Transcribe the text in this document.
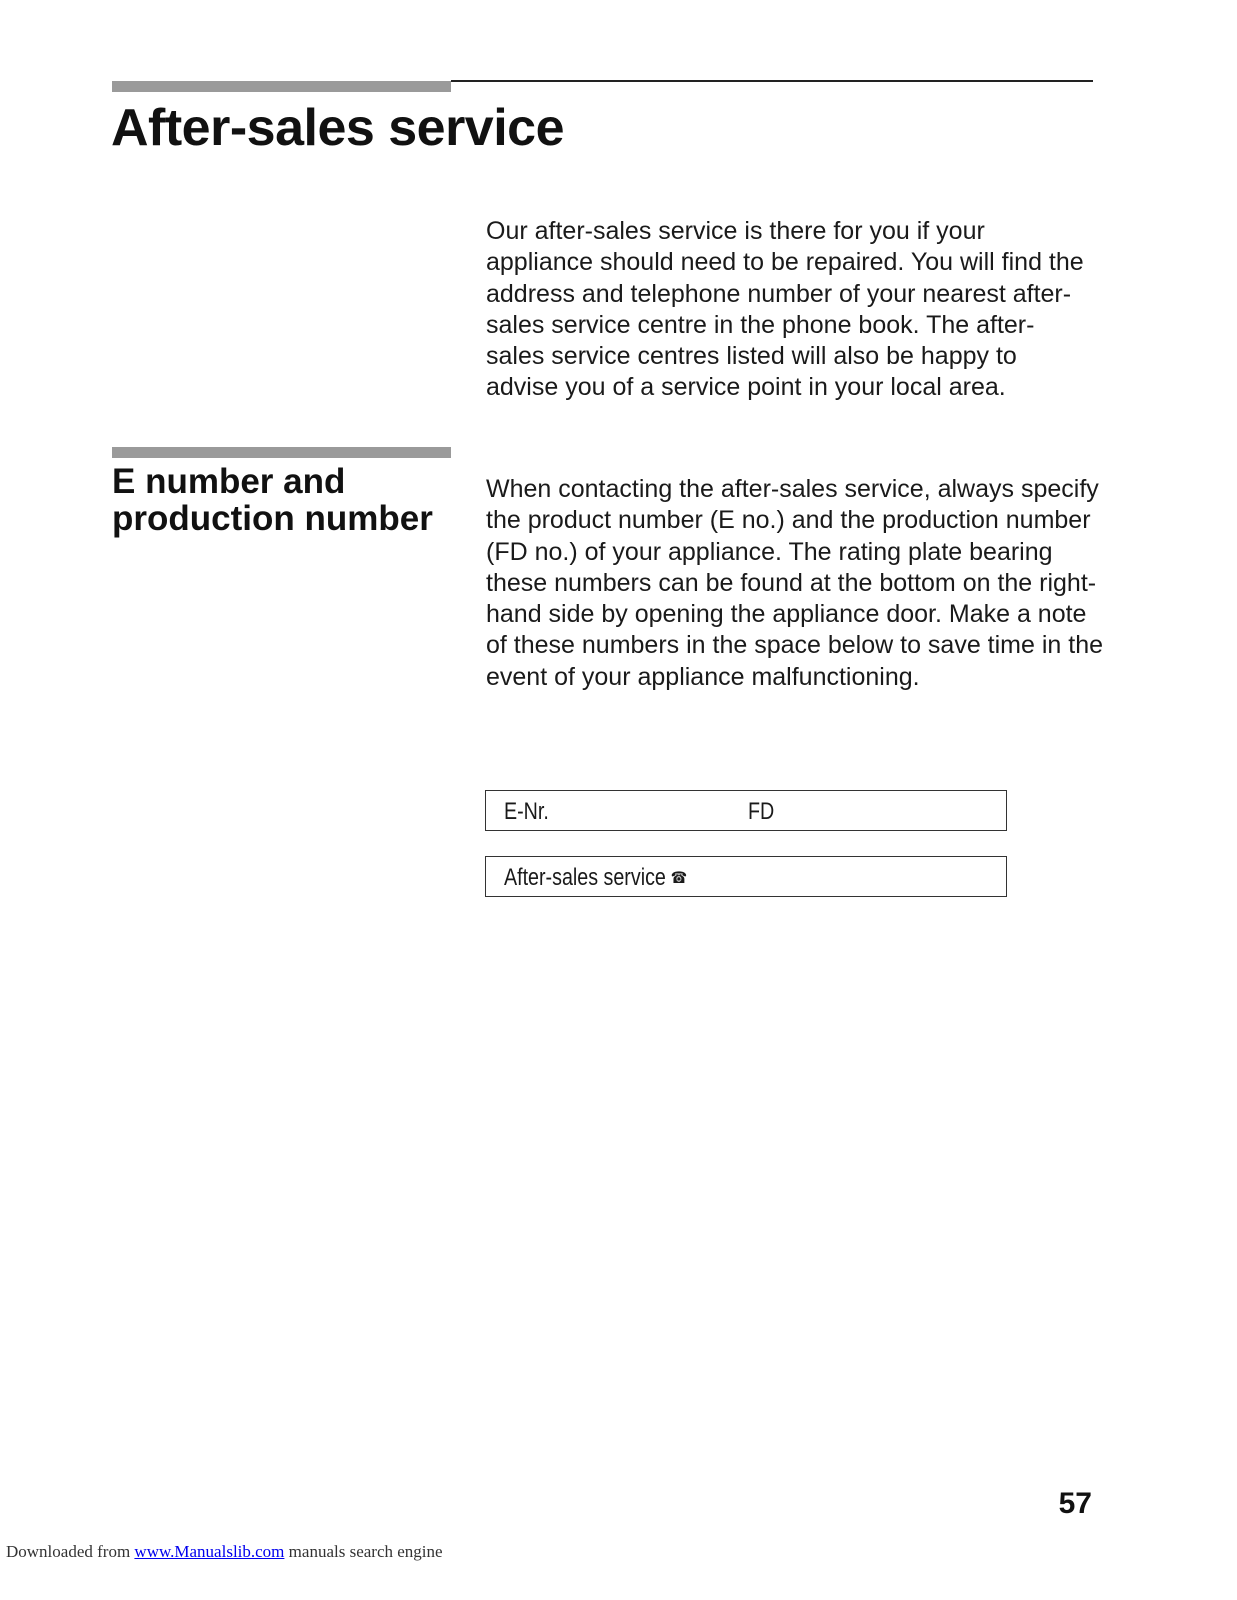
After-sales service

Our after-sales service is there for you if your appliance should need to be repaired. You will find the address and telephone number of your nearest after-sales service centre in the phone book. The after-sales service centres listed will also be happy to advise you of a service point in your local area.

E number and
production number

When contacting the after-sales service, always specify the product number (E no.) and the production number (FD no.) of your appliance. The rating plate bearing these numbers can be found at the bottom on the right-hand side by opening the appliance door. Make a note of these numbers in the space below to save time in the event of your appliance malfunctioning.

E-Nr.	FD
After-sales service ☎
57
Downloaded from www.Manualslib.com manuals search engine
